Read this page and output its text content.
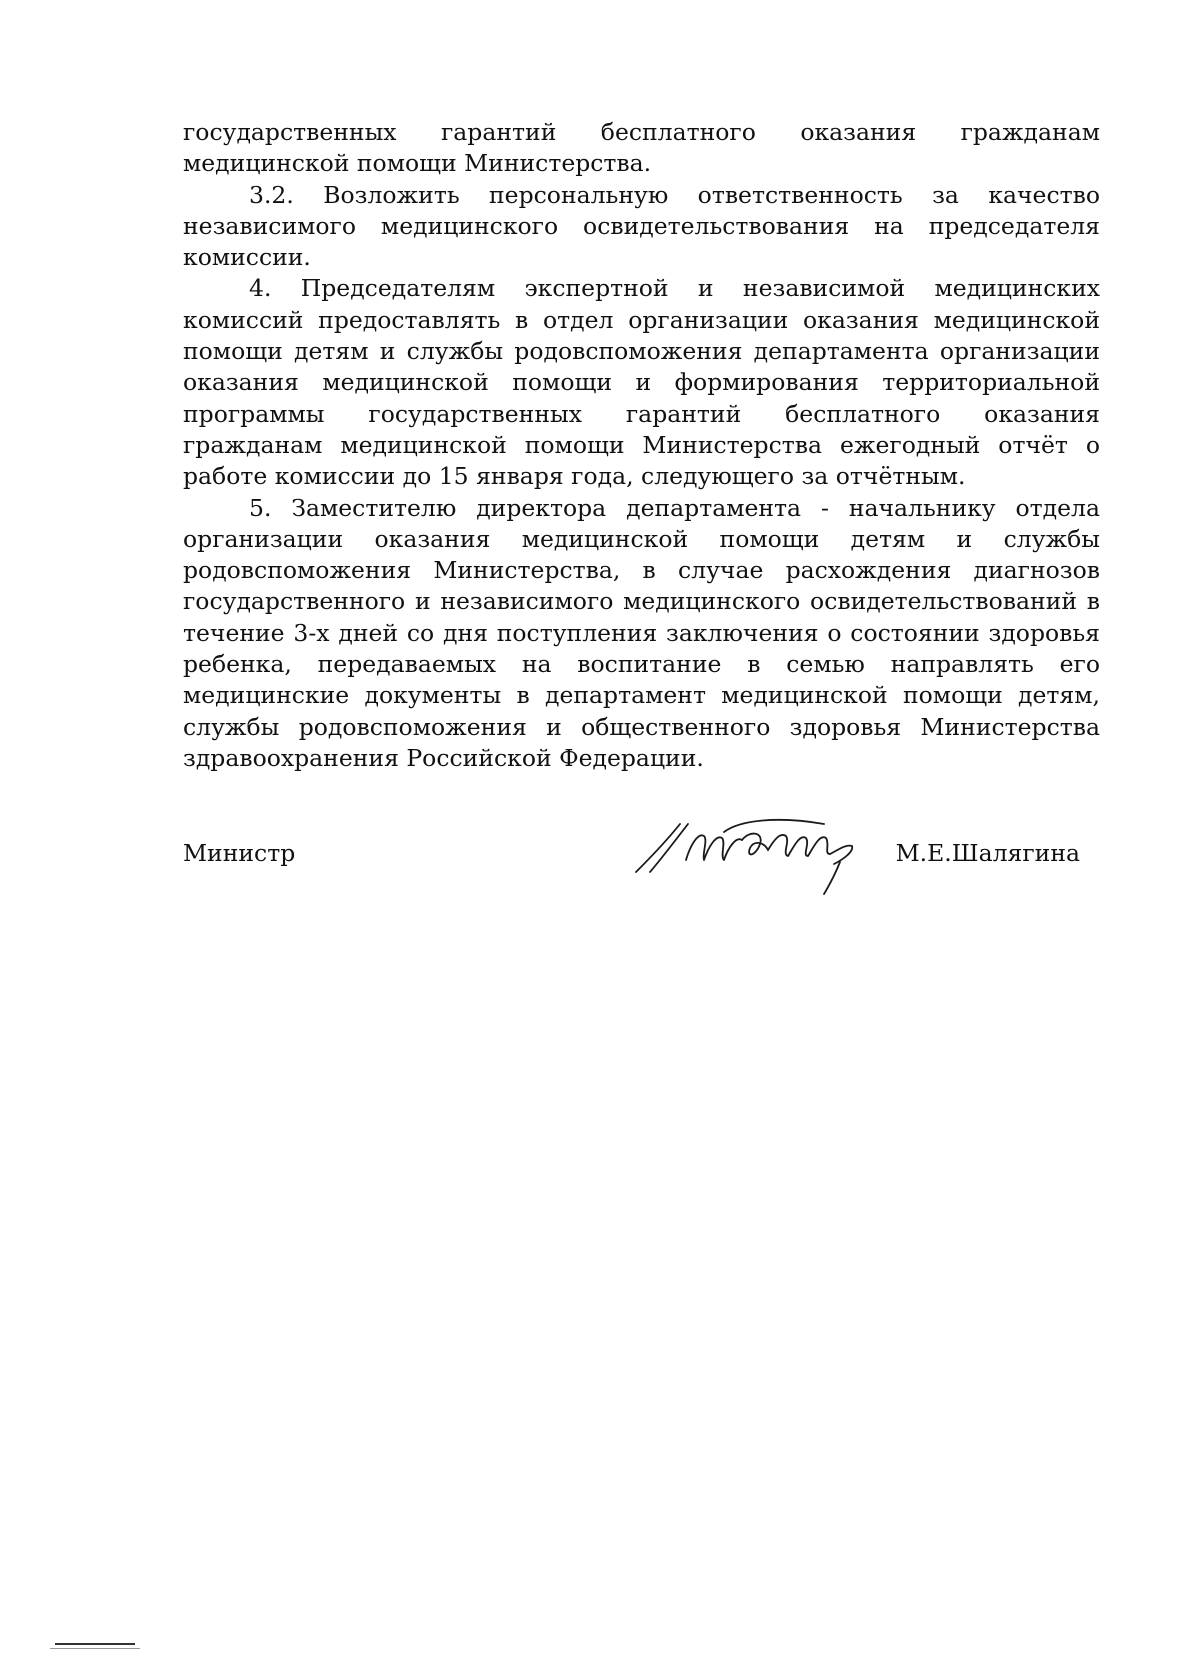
государственных гарантий бесплатного оказания гражданам медицинской помощи Министерства.

3.2. Возложить персональную ответственность за качество независимого медицинского освидетельствования на председателя комиссии.

4. Председателям экспертной и независимой медицинских комиссий предоставлять в отдел организации оказания медицинской помощи детям и службы родовспоможения департамента организации оказания медицинской помощи и формирования территориальной программы государственных гарантий бесплатного оказания гражданам медицинской помощи Министерства ежегодный отчёт о работе комиссии до 15 января года, следующего за отчётным.

5. Заместителю директора департамента - начальнику отдела организации оказания медицинской помощи детям и службы родовспоможения Министерства, в случае расхождения диагнозов государственного и независимого медицинского освидетельствований в течение 3-х дней со дня поступления заключения о состоянии здоровья ребенка, передаваемых на воспитание в семью направлять его медицинские документы в департамент медицинской помощи детям, службы родовспоможения и общественного здоровья Министерства здравоохранения Российской Федерации.

Министр	М.Е.Шалягина
